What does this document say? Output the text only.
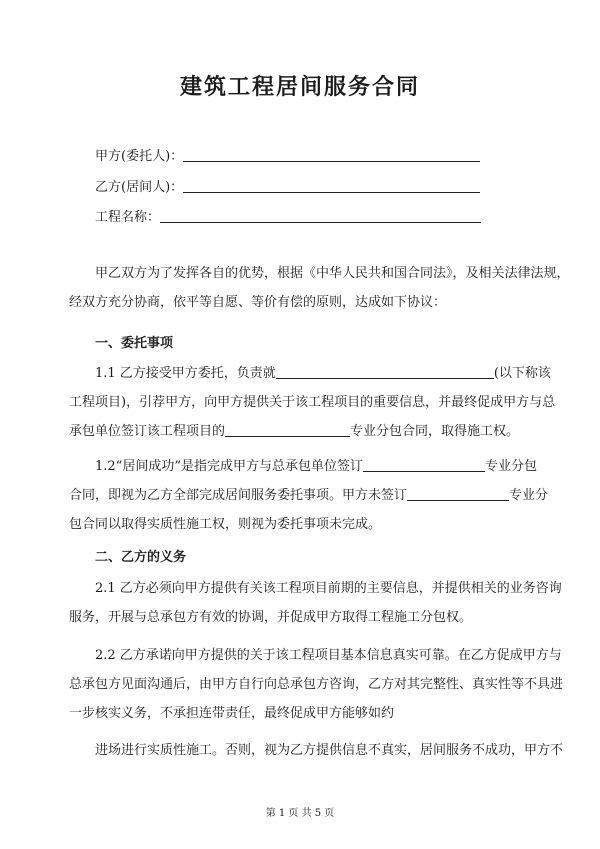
建筑工程居间服务合同
甲方(委托人)：
乙方(居间人)：
工程名称：
甲乙双方为了发挥各自的优势，根据《中华人民共和国合同法》，及相关法律法规，
经双方充分协商，依平等自愿、等价有偿的原则，达成如下协议：
一、委托事项
1.1 乙方接受甲方委托，负责就	(以下称该
工程项目)，引荐甲方，向甲方提供关于该工程项目的重要信息，并最终促成甲方与总
承包单位签订该工程项目的	专业分包合同，取得施工权。
1.2“居间成功”是指完成甲方与总承包单位签订	专业分包
合同，即视为乙方全部完成居间服务委托事项。甲方未签订	专业分
包合同以取得实质性施工权，则视为委托事项未完成。
二、乙方的义务
2.1 乙方必须向甲方提供有关该工程项目前期的主要信息，并提供相关的业务咨询
服务，开展与总承包方有效的协调，并促成甲方取得工程施工分包权。
2.2 乙方承诺向甲方提供的关于该工程项目基本信息真实可靠。在乙方促成甲方与
总承包方见面沟通后，由甲方自行向总承包方咨询，乙方对其完整性、真实性等不具进
一步核实义务，不承担连带责任，最终促成甲方能够如约
进场进行实质性施工。否则，视为乙方提供信息不真实，居间服务不成功，甲方不
第 1 页 共 5 页
